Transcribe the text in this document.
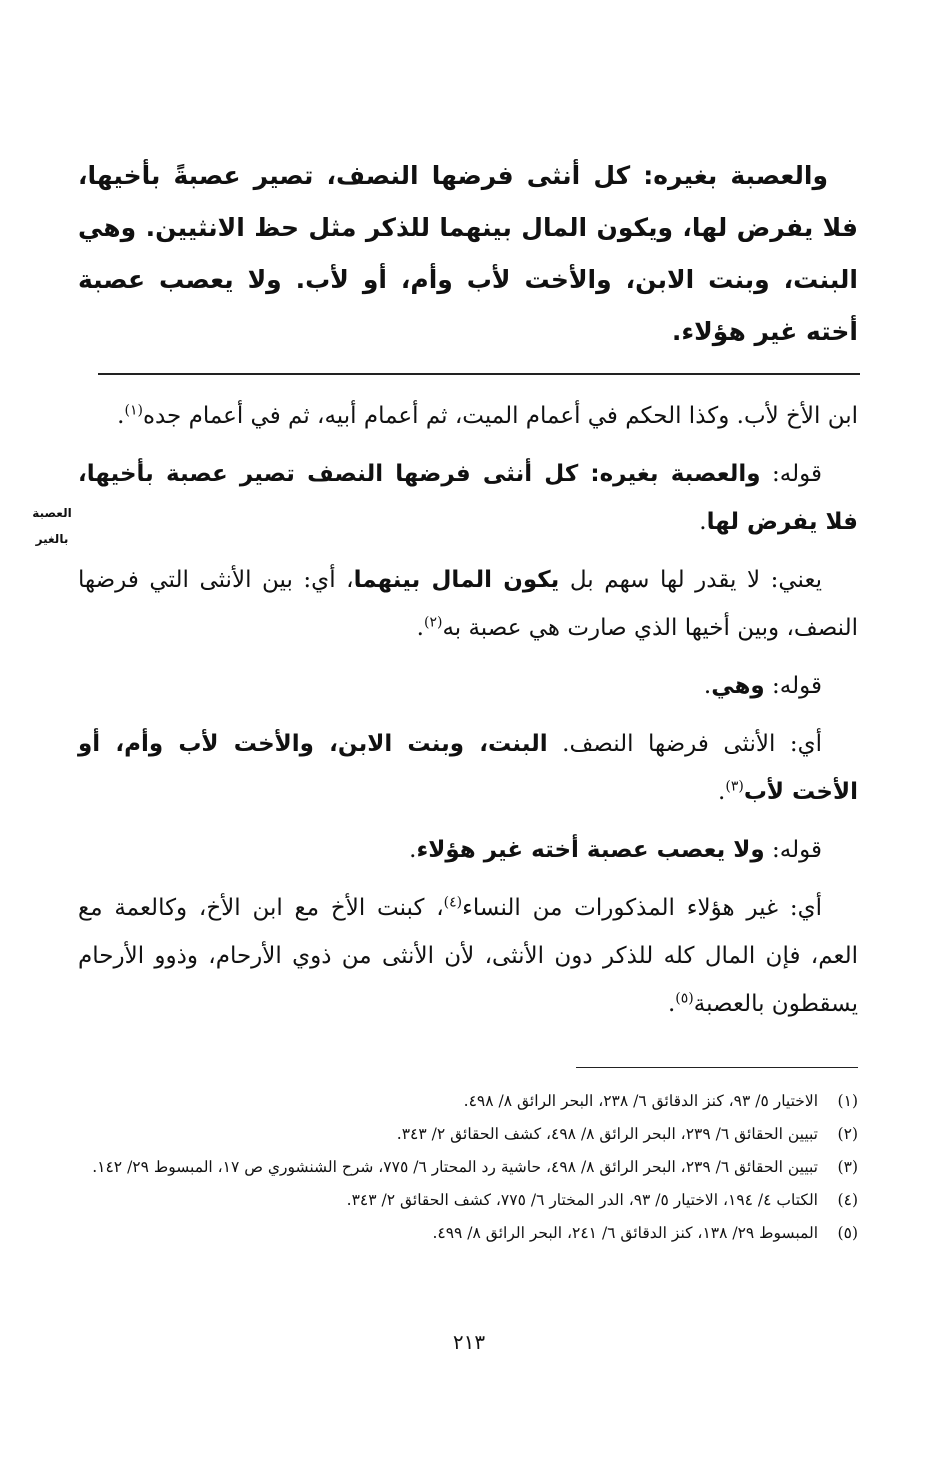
والعصبة بغيره: كل أنثى فرضها النصف، تصير عصبةً بأخيها، فلا يفرض لها، ويكون المال بينهما للذكر مثل حظ الانثيين. وهي البنت، وبنت الابن، والأخت لأب وأم، أو لأب. ولا يعصب عصبة أخته غير هؤلاء.
العصبة
بالغير

ابن الأخ لأب. وكذا الحكم في أعمام الميت، ثم أعمام أبيه، ثم في أعمام جده$^{(١)}$.

قوله: والعصبة بغيره: كل أنثى فرضها النصف تصير عصبة بأخيها، فلا يفرض لها.

يعني: لا يقدر لها سهم بل يكون المال بينهما، أي: بين الأنثى التي فرضها النصف، وبين أخيها الذي صارت هي عصبة به$^{(٢)}$.

قوله: وهي.

أي: الأنثى فرضها النصف. البنت، وبنت الابن، والأخت لأب وأم، أو الأخت لأب$^{(٣)}$.

قوله: ولا يعصب عصبة أخته غير هؤلاء.

أي: غير هؤلاء المذكورات من النساء$^{(٤)}$، كبنت الأخ مع ابن الأخ، وكالعمة مع العم، فإن المال كله للذكر دون الأنثى، لأن الأنثى من ذوي الأرحام، وذوو الأرحام يسقطون بالعصبة$^{(٥)}$.

(١)
الاختيار ٥/ ٩٣، كنز الدقائق ٦/ ٢٣٨، البحر الرائق ٨/ ٤٩٨.
(٢)
تبيين الحقائق ٦/ ٢٣٩، البحر الرائق ٨/ ٤٩٨، كشف الحقائق ٢/ ٣٤٣.
(٣)
تبيين الحقائق ٦/ ٢٣٩، البحر الرائق ٨/ ٤٩٨، حاشية رد المحتار ٦/ ٧٧٥، شرح الشنشوري ص ١٧، المبسوط ٢٩/ ١٤٢.
(٤)
الكتاب ٤/ ١٩٤، الاختيار ٥/ ٩٣، الدر المختار ٦/ ٧٧٥، كشف الحقائق ٢/ ٣٤٣.
(٥)
المبسوط ٢٩/ ١٣٨، كنز الدقائق ٦/ ٢٤١، البحر الرائق ٨/ ٤٩٩.
٢١٣
